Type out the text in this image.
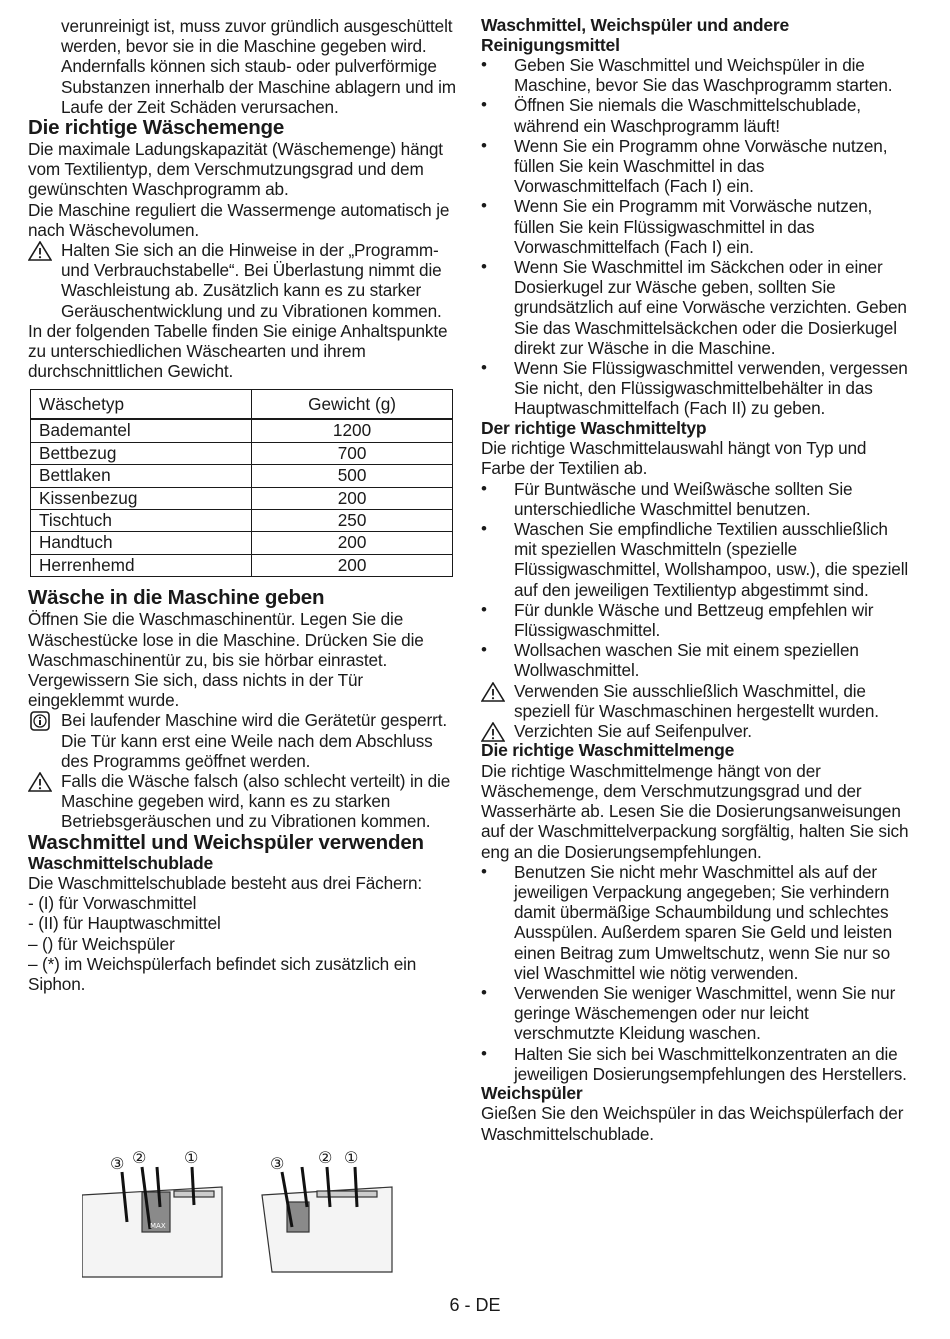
verunreinigt ist, muss zuvor gründlich ausgeschüttelt werden, bevor sie in die Maschine gegeben wird. Andernfalls können sich staub- oder pulverförmige Substanzen innerhalb der Maschine ablagern und im Laufe der Zeit Schäden verursachen.

Die richtige Wäschemenge

Die maximale Ladungskapazität (Wäschemenge) hängt vom Textilientyp, dem Verschmutzungsgrad und dem gewünschten Waschprogramm ab.

Die Maschine reguliert die Wassermenge automatisch je nach Wäschevolumen.

Halten Sie sich an die Hinweise in der „Programm- und Verbrauchstabelle“. Bei Überlastung nimmt die Waschleistung ab. Zusätzlich kann es zu starker Geräuschentwicklung und zu Vibrationen kommen.

In der folgenden Tabelle finden Sie einige Anhaltspunkte zu unterschiedlichen Wäschearten und ihrem durchschnittlichen Gewicht.

Wäschetyp	Gewicht (g)
Bademantel	1200
Bettbezug	700
Bettlaken	500
Kissenbezug	200
Tischtuch	250
Handtuch	200
Herrenhemd	200
Wäsche in die Maschine geben

Öffnen Sie die Waschmaschinentür. Legen Sie die Wäschestücke lose in die Maschine. Drücken Sie die Waschmaschinentür zu, bis sie hörbar einrastet. Vergewissern Sie sich, dass nichts in der Tür eingeklemmt wurde.

Bei laufender Maschine wird die Gerätetür gesperrt. Die Tür kann erst eine Weile nach dem Abschluss des Programms geöffnet werden.

Falls die Wäsche falsch (also schlecht verteilt) in die Maschine gegeben wird, kann es zu starken Betriebsgeräuschen und zu Vibrationen kommen.

Waschmittel und Weichspüler verwenden
Waschmittelschublade

Die Waschmittelschublade besteht aus drei Fächern:

- (I) für Vorwaschmittel

- (II) für Hauptwaschmittel

– () für Weichspüler

– (*) im Weichspülerfach befindet sich zusätzlich ein Siphon.

③ ② ①	③ ② ①
MAX
Waschmittel, Weichspüler und andere Reinigungsmittel
• Geben Sie Waschmittel und Weichspüler in die Maschine, bevor Sie das Waschprogramm starten.
• Öffnen Sie niemals die Waschmittelschublade, während ein Waschprogramm läuft!
• Wenn Sie ein Programm ohne Vorwäsche nutzen, füllen Sie kein Waschmittel in das Vorwaschmittelfach (Fach I) ein.
• Wenn Sie ein Programm mit Vorwäsche nutzen, füllen Sie kein Flüssigwaschmittel in das Vorwaschmittelfach (Fach I) ein.
• Wenn Sie Waschmittel im Säckchen oder in einer Dosierkugel zur Wäsche geben, sollten Sie grundsätzlich auf eine Vorwäsche verzichten. Geben Sie das Waschmittelsäckchen oder die Dosierkugel direkt zur Wäsche in die Maschine.
• Wenn Sie Flüssigwaschmittel verwenden, vergessen Sie nicht, den Flüssigwaschmittelbehälter in das Hauptwaschmittelfach (Fach II) zu geben.
Der richtige Waschmitteltyp

Die richtige Waschmittelauswahl hängt von Typ und Farbe der Textilien ab.

• Für Buntwäsche und Weißwäsche sollten Sie unterschiedliche Waschmittel benutzen.
• Waschen Sie empfindliche Textilien ausschließlich mit speziellen Waschmitteln (spezielle Flüssigwaschmittel, Wollshampoo, usw.), die speziell auf den jeweiligen Textilientyp abgestimmt sind.
• Für dunkle Wäsche und Bettzeug empfehlen wir Flüssigwaschmittel.
• Wollsachen waschen Sie mit einem speziellen Wollwaschmittel.

Verwenden Sie ausschließlich Waschmittel, die speziell für Waschmaschinen hergestellt wurden.

Verzichten Sie auf Seifenpulver.

Die richtige Waschmittelmenge

Die richtige Waschmittelmenge hängt von der Wäschemenge, dem Verschmutzungsgrad und der Wasserhärte ab. Lesen Sie die Dosierungsanweisungen auf der Waschmittelverpackung sorgfältig, halten Sie sich eng an die Dosierungsempfehlungen.

• Benutzen Sie nicht mehr Waschmittel als auf der jeweiligen Verpackung angegeben; Sie verhindern damit übermäßige Schaumbildung und schlechtes Ausspülen. Außerdem sparen Sie Geld und leisten einen Beitrag zum Umweltschutz, wenn Sie nur so viel Waschmittel wie nötig verwenden.
• Verwenden Sie weniger Waschmittel, wenn Sie nur geringe Wäschemengen oder nur leicht verschmutzte Kleidung waschen.
• Halten Sie sich bei Waschmittelkonzentraten an die jeweiligen Dosierungsempfehlungen des Herstellers.
Weichspüler

Gießen Sie den Weichspüler in das Weichspülerfach der Waschmittelschublade.

6 - DE
